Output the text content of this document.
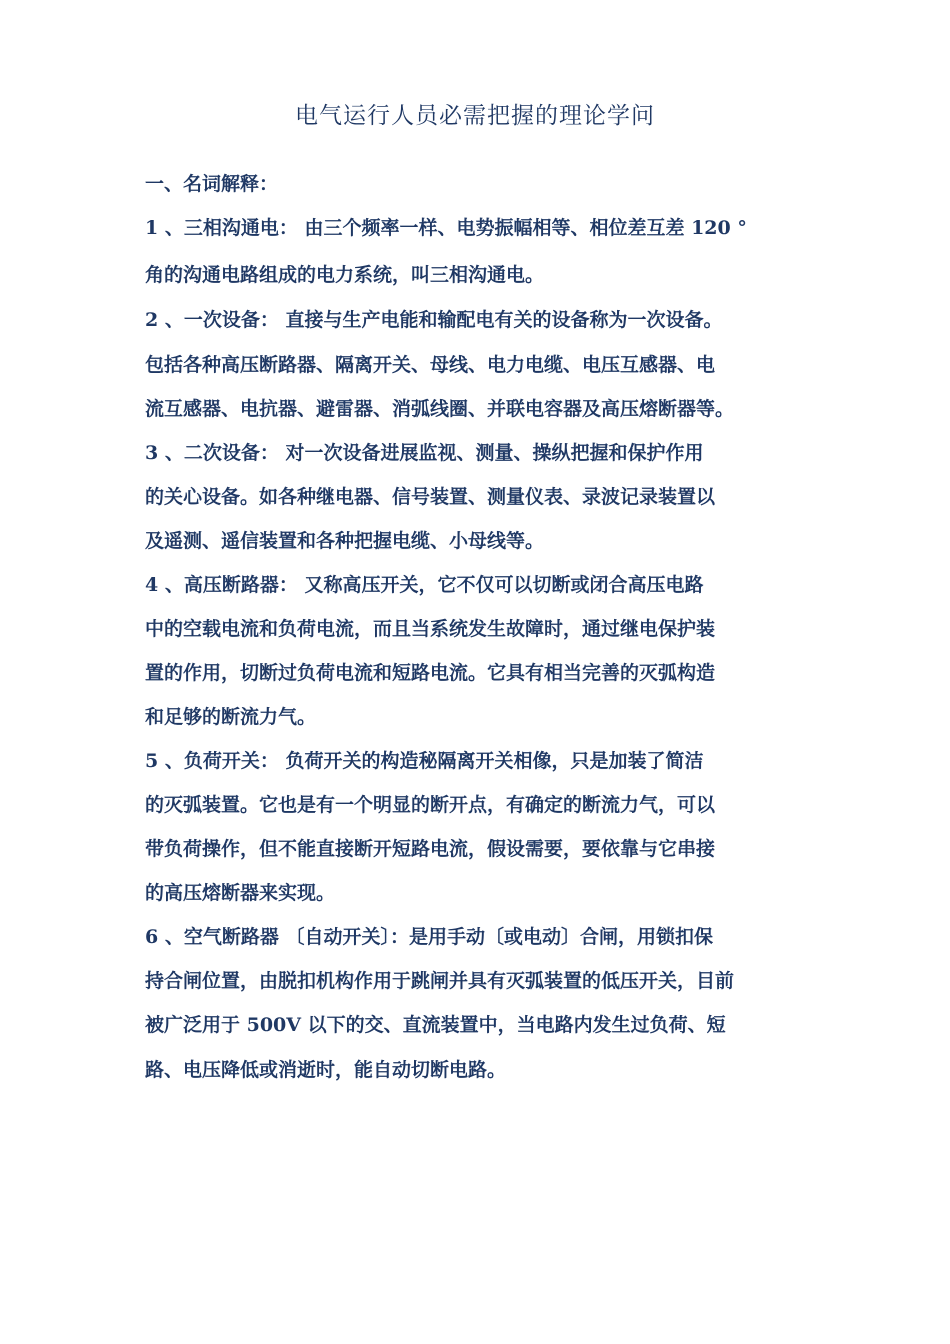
电气运行人员必需把握的理论学问
一、名词解释：
1 、三相沟通电： 由三个频率一样、电势振幅相等、相位差互差 120 °
角的沟通电路组成的电力系统，叫三相沟通电。
2 、一次设备： 直接与生产电能和输配电有关的设备称为一次设备。
包括各种高压断路器、隔离开关、母线、电力电缆、电压互感器、电
流互感器、电抗器、避雷器、消弧线圈、并联电容器及高压熔断器等。
3 、二次设备： 对一次设备进展监视、测量、操纵把握和保护作用
的关心设备。如各种继电器、信号装置、测量仪表、录波记录装置以
及遥测、遥信装置和各种把握电缆、小母线等。
4 、高压断路器： 又称高压开关，它不仅可以切断或闭合高压电路
中的空载电流和负荷电流，而且当系统发生故障时，通过继电保护装
置的作用，切断过负荷电流和短路电流。它具有相当完善的灭弧构造
和足够的断流力气。
5 、负荷开关： 负荷开关的构造秘隔离开关相像，只是加装了简洁
的灭弧装置。它也是有一个明显的断开点，有确定的断流力气，可以
带负荷操作，但不能直接断开短路电流，假设需要，要依靠与它串接
的高压熔断器来实现。
6 、空气断路器 〔自动开关〕：是用手动〔或电动〕合闸，用锁扣保
持合闸位置，由脱扣机构作用于跳闸并具有灭弧装置的低压开关，目前
被广泛用于 500V 以下的交、直流装置中，当电路内发生过负荷、短
路、电压降低或消逝时，能自动切断电路。
